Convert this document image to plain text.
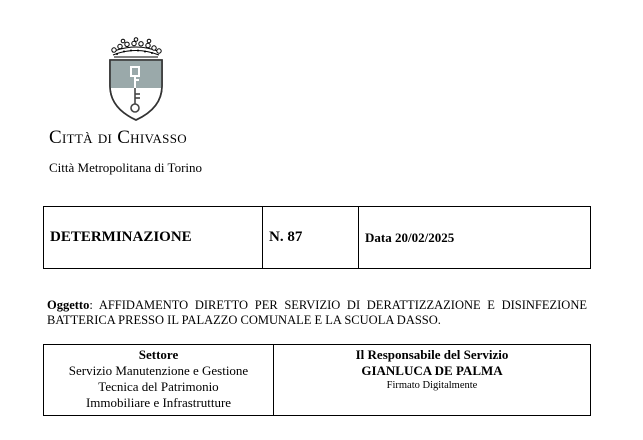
Città di Chivasso
Città Metropolitana di Torino
DETERMINAZIONE	N. 87	Data 20/02/2025
Oggetto: AFFIDAMENTO DIRETTO PER SERVIZIO DI DERATTIZZAZIONE E DISINFEZIONE BATTERICA PRESSO IL PALAZZO COMUNALE E LA SCUOLA DASSO.
Settore
Servizio Manutenzione e Gestione
Tecnica del Patrimonio
Immobiliare e Infrastrutture

Il Responsabile del Servizio
GIANLUCA DE PALMA
Firmato Digitalmente
